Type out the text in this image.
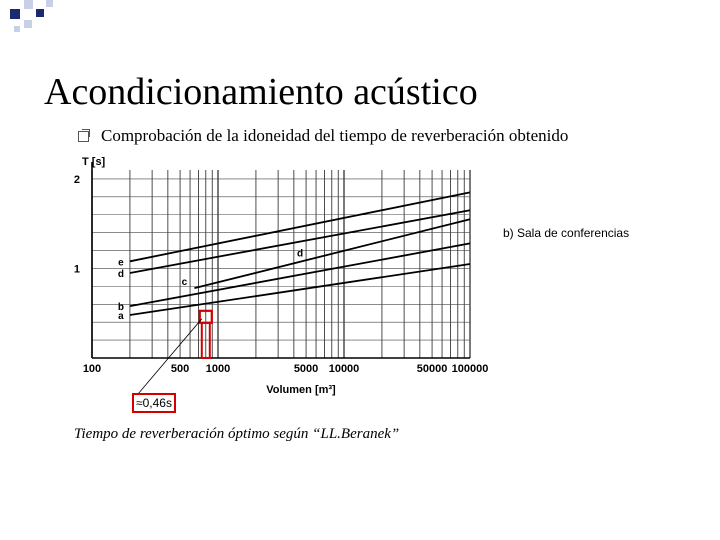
Acondicionamiento acústico
Comprobación de la idoneidad del tiempo de reverberación obtenido
T [s]
1
2
100	500 1000	5000 10000	50000 100000
Volumen [m³]
a
b
c
d
e
d
b) Sala de conferencias
≈0,46s
Tiempo de reverberación óptimo según “LL.Beranek”
